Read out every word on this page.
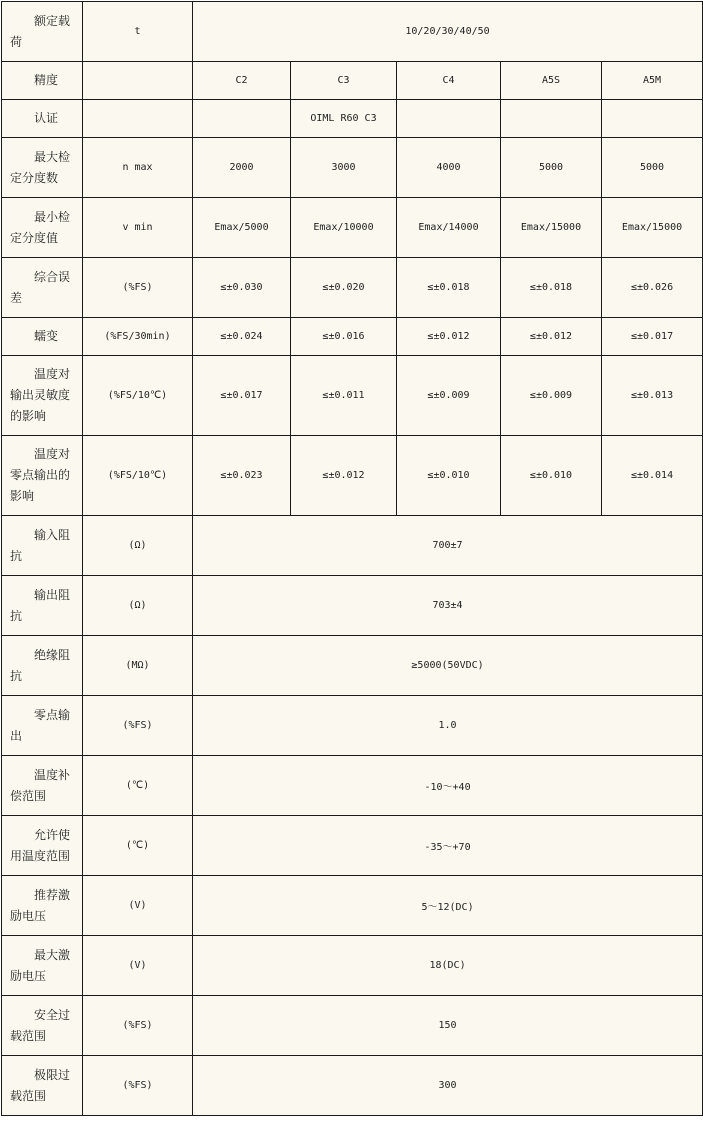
额定载荷	t	10/20/30/40/50				

精度		C2	C3	C4	A5S	A5M

认证			OIML R60 C3			

最大检定分度数	n max	2000	3000	4000	5000	5000

最小检定分度值	v min	Emax/5000	Emax/10000	Emax/14000	Emax/15000	Emax/15000

综合误差	(%FS)	≤±0.030	≤±0.020	≤±0.018	≤±0.018	≤±0.026

蠕变	(%FS/30min)	≤±0.024	≤±0.016	≤±0.012	≤±0.012	≤±0.017

温度对输出灵敏度的影响	(%FS/10℃)	≤±0.017	≤±0.011	≤±0.009	≤±0.009	≤±0.013

温度对零点输出的影响	(%FS/10℃)	≤±0.023	≤±0.012	≤±0.010	≤±0.010	≤±0.014

输入阻抗	(Ω)	700±7				

输出阻抗	(Ω)	703±4				

绝缘阻抗	(MΩ)	≥5000(50VDC)				

零点输出	(%FS)	1.0				

温度补偿范围	(℃)	-10～+40				

允许使用温度范围	(℃)	-35～+70				

推荐激励电压	(V)	5～12(DC)				

最大激励电压	(V)	18(DC)				

安全过载范围	(%FS)	150				

极限过载范围	(%FS)	300				
